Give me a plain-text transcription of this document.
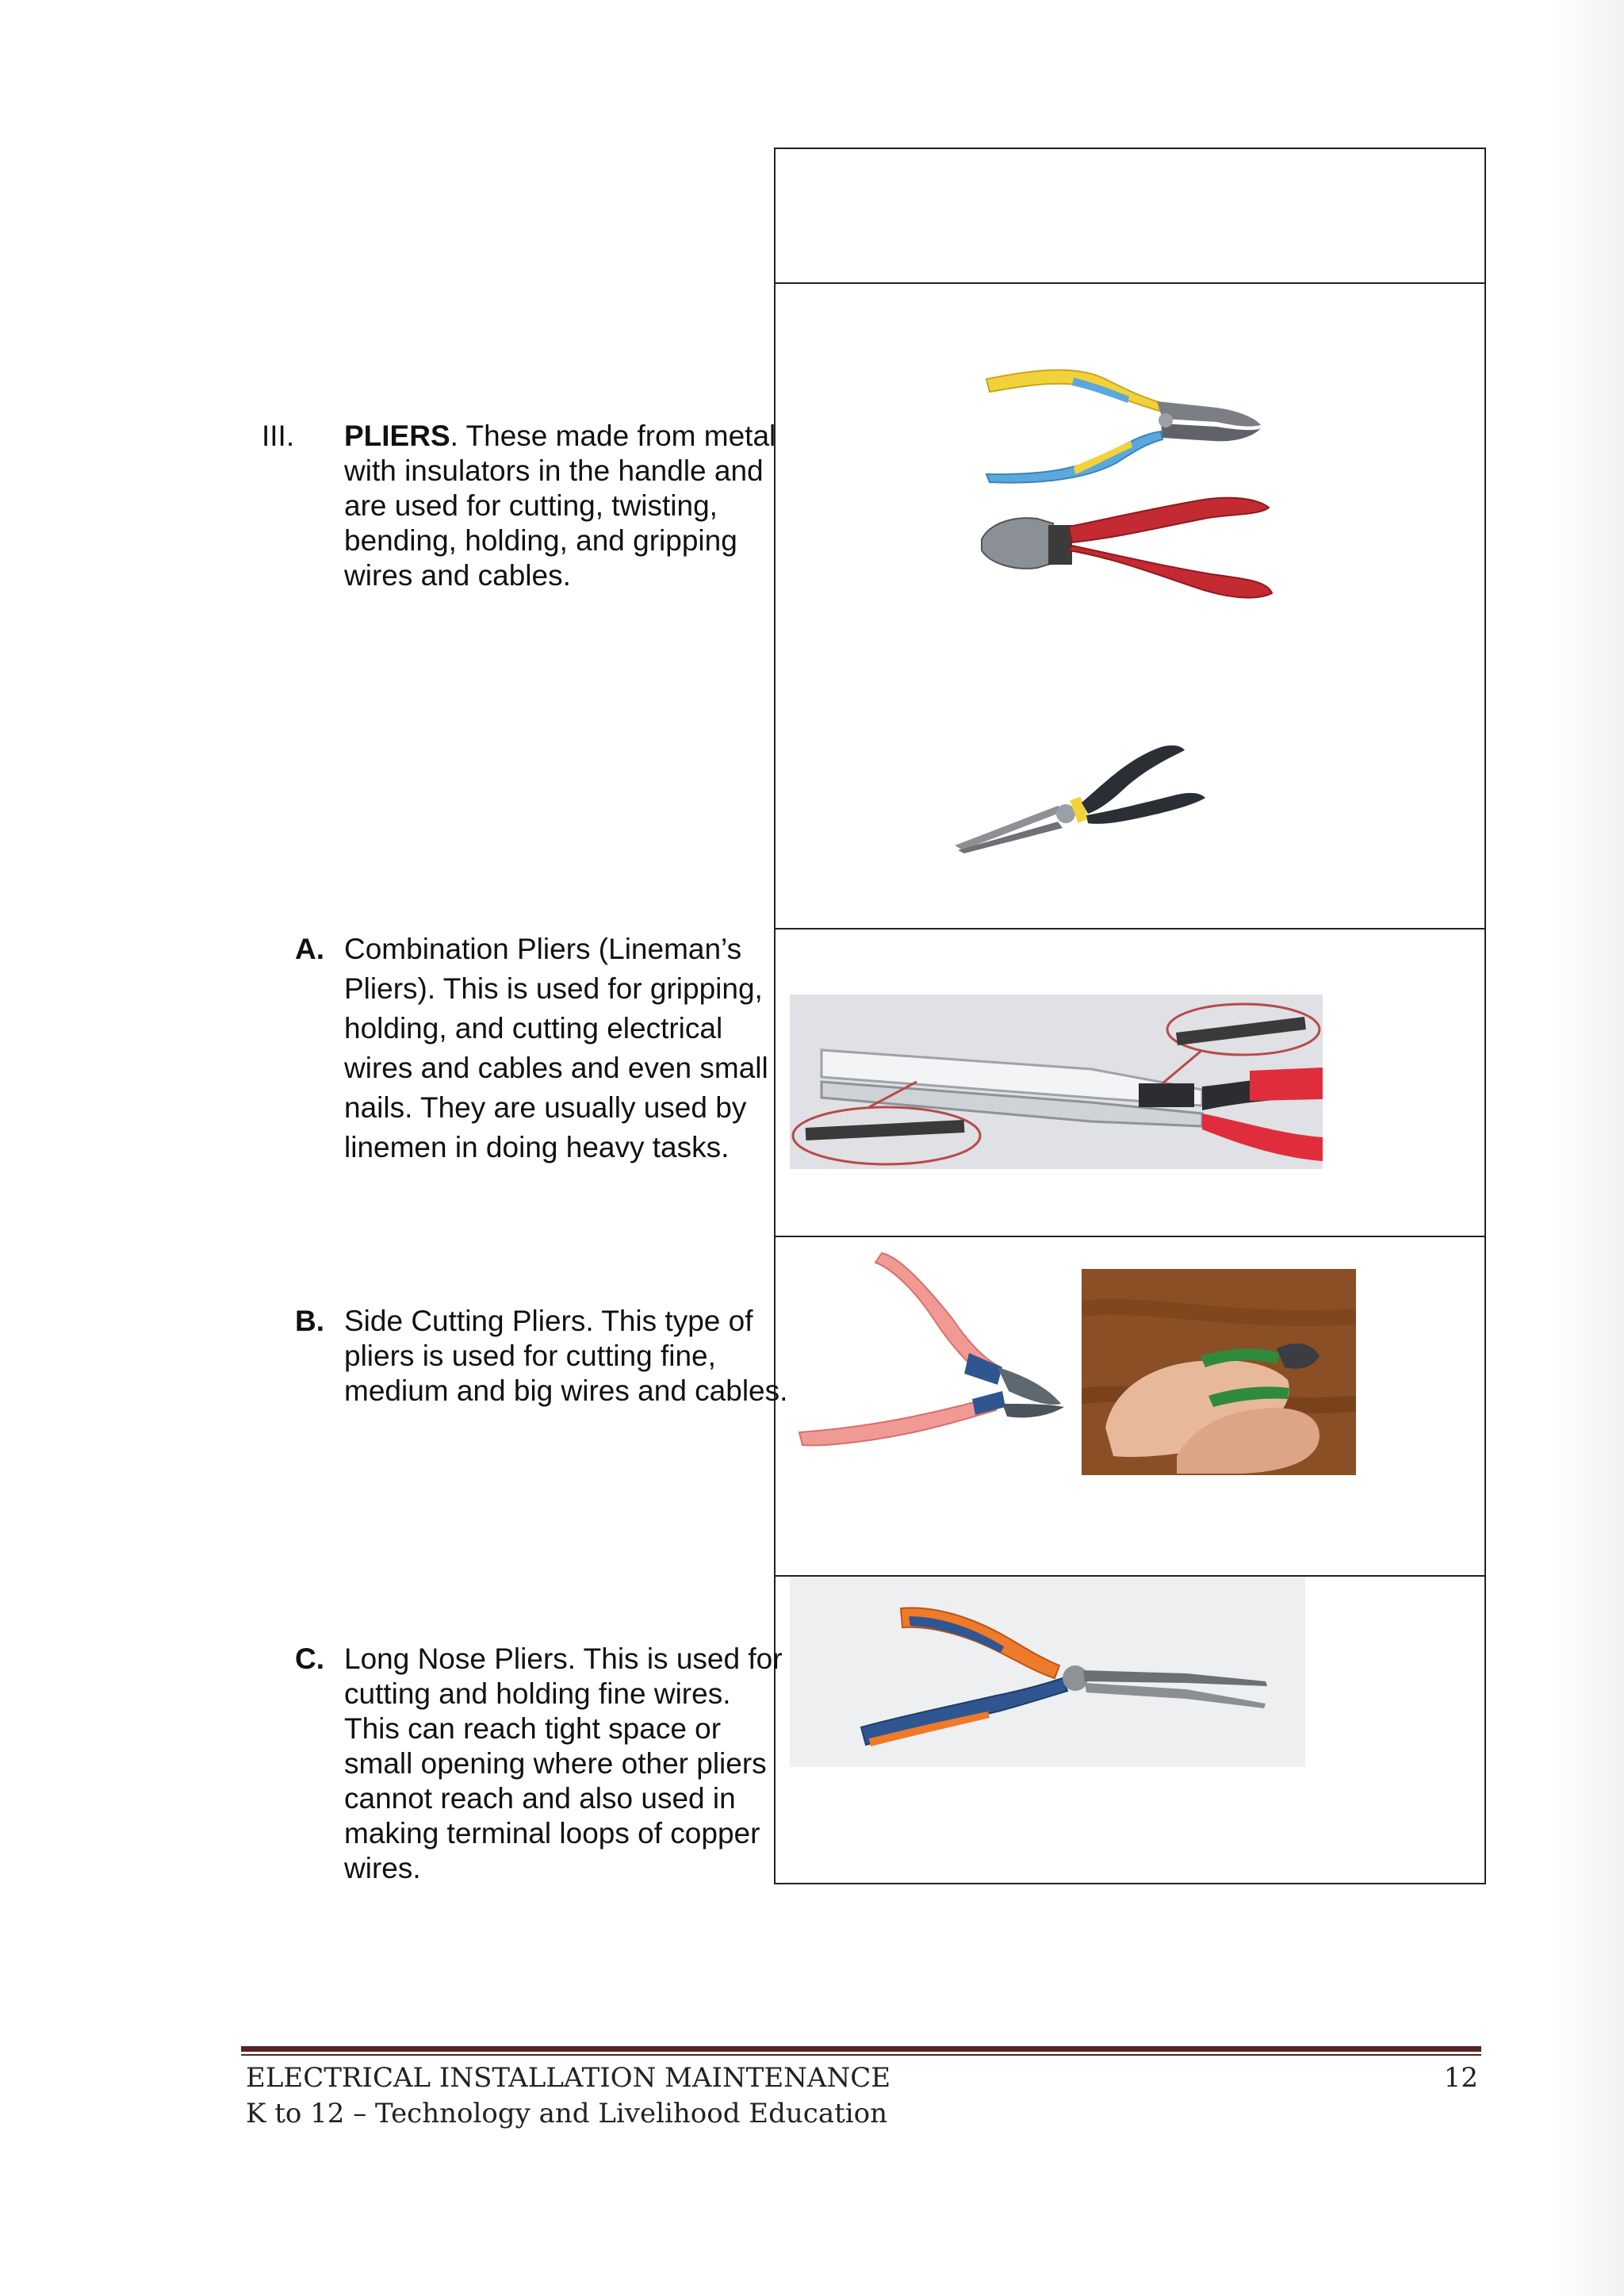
III. PLIERS. These made from metal with insulators in the handle and are used for cutting, twisting, bending, holding, and gripping wires and cables.
A. Combination Pliers (Lineman’s Pliers). This is used for gripping, holding, and cutting electrical wires and cables and even small nails. They are usually used by linemen in doing heavy tasks.
B. Side Cutting Pliers. This type of pliers is used for cutting fine, medium and big wires and cables.
C. Long Nose Pliers. This is used for cutting and holding fine wires. This can reach tight space or small opening where other pliers cannot reach and also used in making terminal loops of copper wires.
ELECTRICAL INSTALLATION MAINTENANCE
K to 12 – Technology and Livelihood Education
12
